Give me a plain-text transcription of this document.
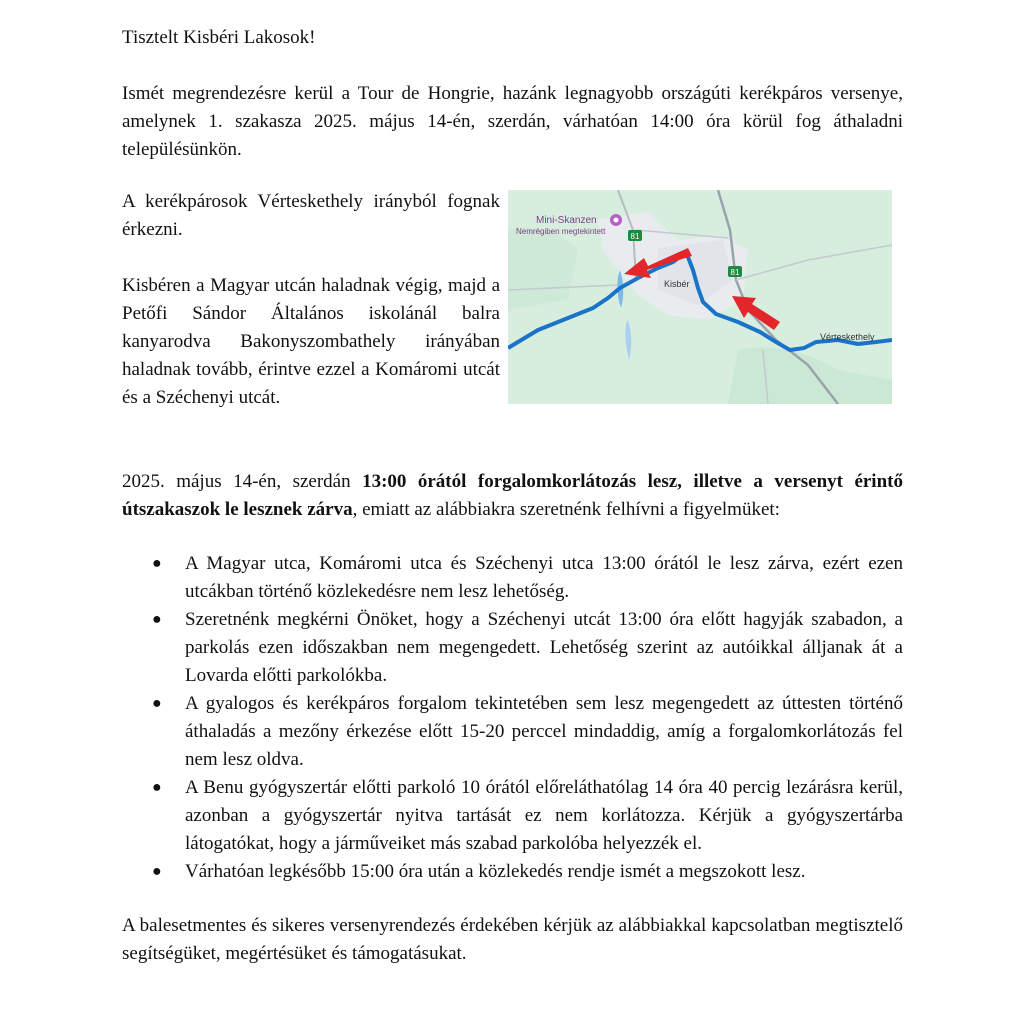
Tisztelt Kisbéri Lakosok!

Ismét megrendezésre kerül a Tour de Hongrie, hazánk legnagyobb országúti kerékpáros versenye, amelynek 1. szakasza 2025. május 14-én, szerdán, várhatóan 14:00 óra körül fog áthaladni településünkön.

A kerékpárosok Vérteskethely irányból fognak érkezni.

Kisbéren a Magyar utcán haladnak végig, majd a Petőfi Sándor Általános iskolánál balra kanyarodva Bakonyszombathely irányában haladnak tovább, érintve ezzel a Komáromi utcát és a Széchenyi utcát.

81
81
Mini-Skanzen
Nemrégiben megtekintett
Kisbér
Vérteskethely

2025. május 14-én, szerdán 13:00 órától forgalomkorlátozás lesz, illetve a versenyt érintő útszakaszok le lesznek zárva, emiatt az alábbiakra szeretnénk felhívni a figyelmüket:

● A Magyar utca, Komáromi utca és Széchenyi utca 13:00 órától le lesz zárva, ezért ezen utcákban történő közlekedésre nem lesz lehetőség.
● Szeretnénk megkérni Önöket, hogy a Széchenyi utcát 13:00 óra előtt hagyják szabadon, a parkolás ezen időszakban nem megengedett. Lehetőség szerint az autóikkal álljanak át a Lovarda előtti parkolókba.
● A gyalogos és kerékpáros forgalom tekintetében sem lesz megengedett az úttesten történő áthaladás a mezőny érkezése előtt 15-20 perccel mindaddig, amíg a forgalomkorlátozás fel nem lesz oldva.
● A Benu gyógyszertár előtti parkoló 10 órától előreláthatólag 14 óra 40 percig lezárásra kerül, azonban a gyógyszertár nyitva tartását ez nem korlátozza. Kérjük a gyógyszertárba látogatókat, hogy a járműveiket más szabad parkolóba helyezzék el.
● Várhatóan legkésőbb 15:00 óra után a közlekedés rendje ismét a megszokott lesz.

A balesetmentes és sikeres versenyrendezés érdekében kérjük az alábbiakkal kapcsolatban megtisztelő segítségüket, megértésüket és támogatásukat.
